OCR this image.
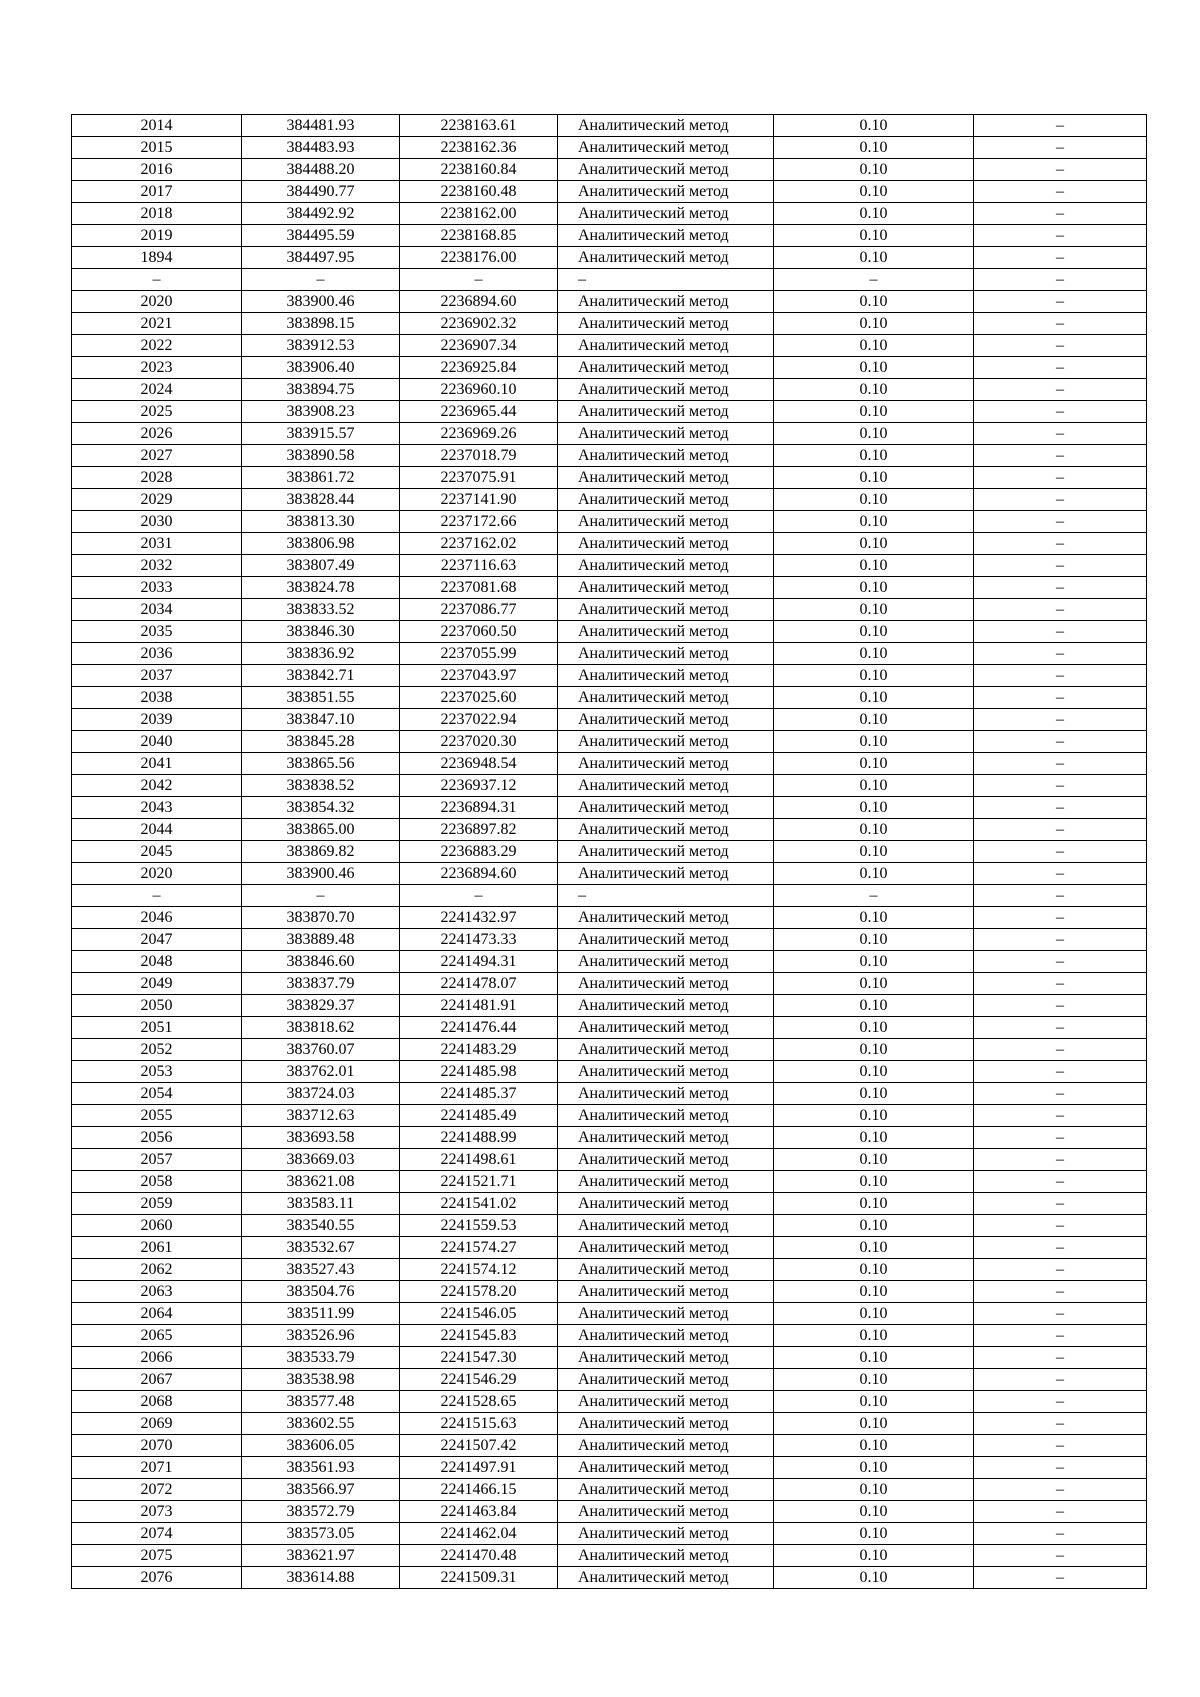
2014	384481.93	2238163.61	Аналитический метод	0.10	–
2015	384483.93	2238162.36	Аналитический метод	0.10	–
2016	384488.20	2238160.84	Аналитический метод	0.10	–
2017	384490.77	2238160.48	Аналитический метод	0.10	–
2018	384492.92	2238162.00	Аналитический метод	0.10	–
2019	384495.59	2238168.85	Аналитический метод	0.10	–
1894	384497.95	2238176.00	Аналитический метод	0.10	–
–	–	–	–	–	–
2020	383900.46	2236894.60	Аналитический метод	0.10	–
2021	383898.15	2236902.32	Аналитический метод	0.10	–
2022	383912.53	2236907.34	Аналитический метод	0.10	–
2023	383906.40	2236925.84	Аналитический метод	0.10	–
2024	383894.75	2236960.10	Аналитический метод	0.10	–
2025	383908.23	2236965.44	Аналитический метод	0.10	–
2026	383915.57	2236969.26	Аналитический метод	0.10	–
2027	383890.58	2237018.79	Аналитический метод	0.10	–
2028	383861.72	2237075.91	Аналитический метод	0.10	–
2029	383828.44	2237141.90	Аналитический метод	0.10	–
2030	383813.30	2237172.66	Аналитический метод	0.10	–
2031	383806.98	2237162.02	Аналитический метод	0.10	–
2032	383807.49	2237116.63	Аналитический метод	0.10	–
2033	383824.78	2237081.68	Аналитический метод	0.10	–
2034	383833.52	2237086.77	Аналитический метод	0.10	–
2035	383846.30	2237060.50	Аналитический метод	0.10	–
2036	383836.92	2237055.99	Аналитический метод	0.10	–
2037	383842.71	2237043.97	Аналитический метод	0.10	–
2038	383851.55	2237025.60	Аналитический метод	0.10	–
2039	383847.10	2237022.94	Аналитический метод	0.10	–
2040	383845.28	2237020.30	Аналитический метод	0.10	–
2041	383865.56	2236948.54	Аналитический метод	0.10	–
2042	383838.52	2236937.12	Аналитический метод	0.10	–
2043	383854.32	2236894.31	Аналитический метод	0.10	–
2044	383865.00	2236897.82	Аналитический метод	0.10	–
2045	383869.82	2236883.29	Аналитический метод	0.10	–
2020	383900.46	2236894.60	Аналитический метод	0.10	–
–	–	–	–	–	–
2046	383870.70	2241432.97	Аналитический метод	0.10	–
2047	383889.48	2241473.33	Аналитический метод	0.10	–
2048	383846.60	2241494.31	Аналитический метод	0.10	–
2049	383837.79	2241478.07	Аналитический метод	0.10	–
2050	383829.37	2241481.91	Аналитический метод	0.10	–
2051	383818.62	2241476.44	Аналитический метод	0.10	–
2052	383760.07	2241483.29	Аналитический метод	0.10	–
2053	383762.01	2241485.98	Аналитический метод	0.10	–
2054	383724.03	2241485.37	Аналитический метод	0.10	–
2055	383712.63	2241485.49	Аналитический метод	0.10	–
2056	383693.58	2241488.99	Аналитический метод	0.10	–
2057	383669.03	2241498.61	Аналитический метод	0.10	–
2058	383621.08	2241521.71	Аналитический метод	0.10	–
2059	383583.11	2241541.02	Аналитический метод	0.10	–
2060	383540.55	2241559.53	Аналитический метод	0.10	–
2061	383532.67	2241574.27	Аналитический метод	0.10	–
2062	383527.43	2241574.12	Аналитический метод	0.10	–
2063	383504.76	2241578.20	Аналитический метод	0.10	–
2064	383511.99	2241546.05	Аналитический метод	0.10	–
2065	383526.96	2241545.83	Аналитический метод	0.10	–
2066	383533.79	2241547.30	Аналитический метод	0.10	–
2067	383538.98	2241546.29	Аналитический метод	0.10	–
2068	383577.48	2241528.65	Аналитический метод	0.10	–
2069	383602.55	2241515.63	Аналитический метод	0.10	–
2070	383606.05	2241507.42	Аналитический метод	0.10	–
2071	383561.93	2241497.91	Аналитический метод	0.10	–
2072	383566.97	2241466.15	Аналитический метод	0.10	–
2073	383572.79	2241463.84	Аналитический метод	0.10	–
2074	383573.05	2241462.04	Аналитический метод	0.10	–
2075	383621.97	2241470.48	Аналитический метод	0.10	–
2076	383614.88	2241509.31	Аналитический метод	0.10	–
